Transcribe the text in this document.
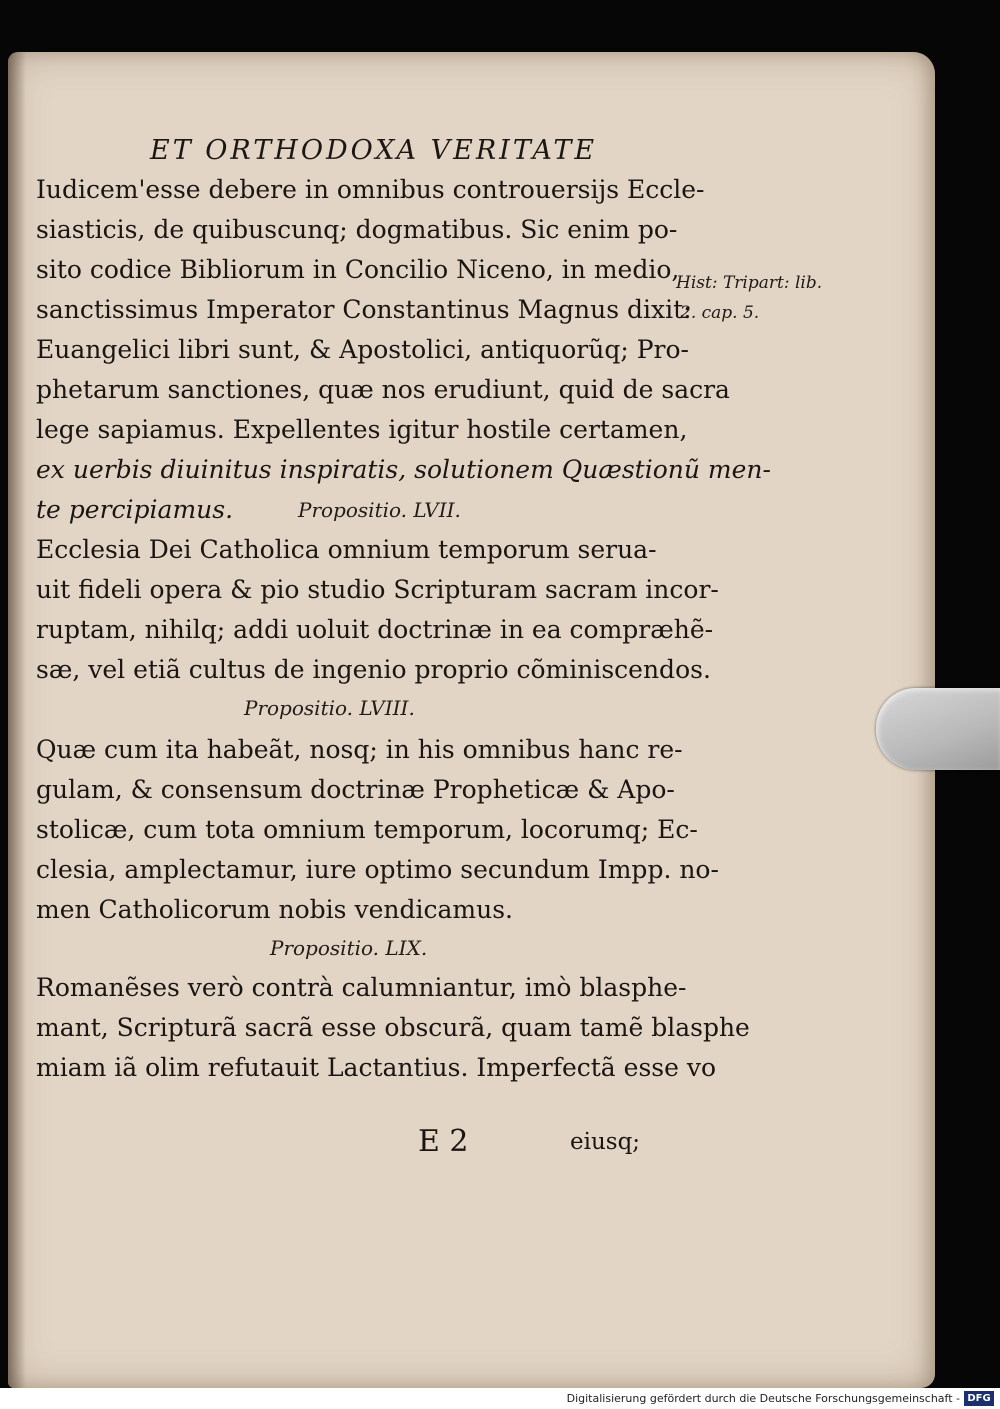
ET ORTHODOXA VERITATE
Iudicem'esse debere in omnibus controuersijs Eccle-
siasticis, de quibuscunq; dogmatibus. Sic enim po-
sito codice Bibliorum in Concilio Niceno, in medio,
sanctissimus Imperator Constantinus Magnus dixit:
Euangelici libri sunt, & Apostolici, antiquorũq; Pro-
phetarum sanctiones, quæ nos erudiunt, quid de sacra
lege sapiamus. Expellentes igitur hostile certamen,
ex uerbis diuinitus inspiratis, solutionem Quæstionũ men-
te percipiamus.	Propositio. LVII.
Ecclesia Dei Catholica omnium temporum serua-
uit fideli opera & pio studio Scripturam sacram incor-
ruptam, nihilq; addi uoluit doctrinæ in ea compræhẽ-
sæ, vel etiã cultus de ingenio proprio cõminiscendos.
Propositio. LVIII.
Quæ cum ita habeãt, nosq; in his omnibus hanc re-
gulam, & consensum doctrinæ Propheticæ & Apo-
stolicæ, cum tota omnium temporum, locorumq; Ec-
clesia, amplectamur, iure optimo secundum Impp. no-
men Catholicorum nobis vendicamus.
Propositio. LIX.
Romanẽses verò contrà calumniantur, imò blasphe-
mant, Scripturã sacrã esse obscurã, quam tamẽ blasphe
miam iã olim refutauit Lactantius. Imperfectã esse vo
Hist: Tripart: lib.
2. cap. 5.
E 2	eiusq;
Digitalisierung gefördert durch die Deutsche Forschungsgemeinschaft - DFG
